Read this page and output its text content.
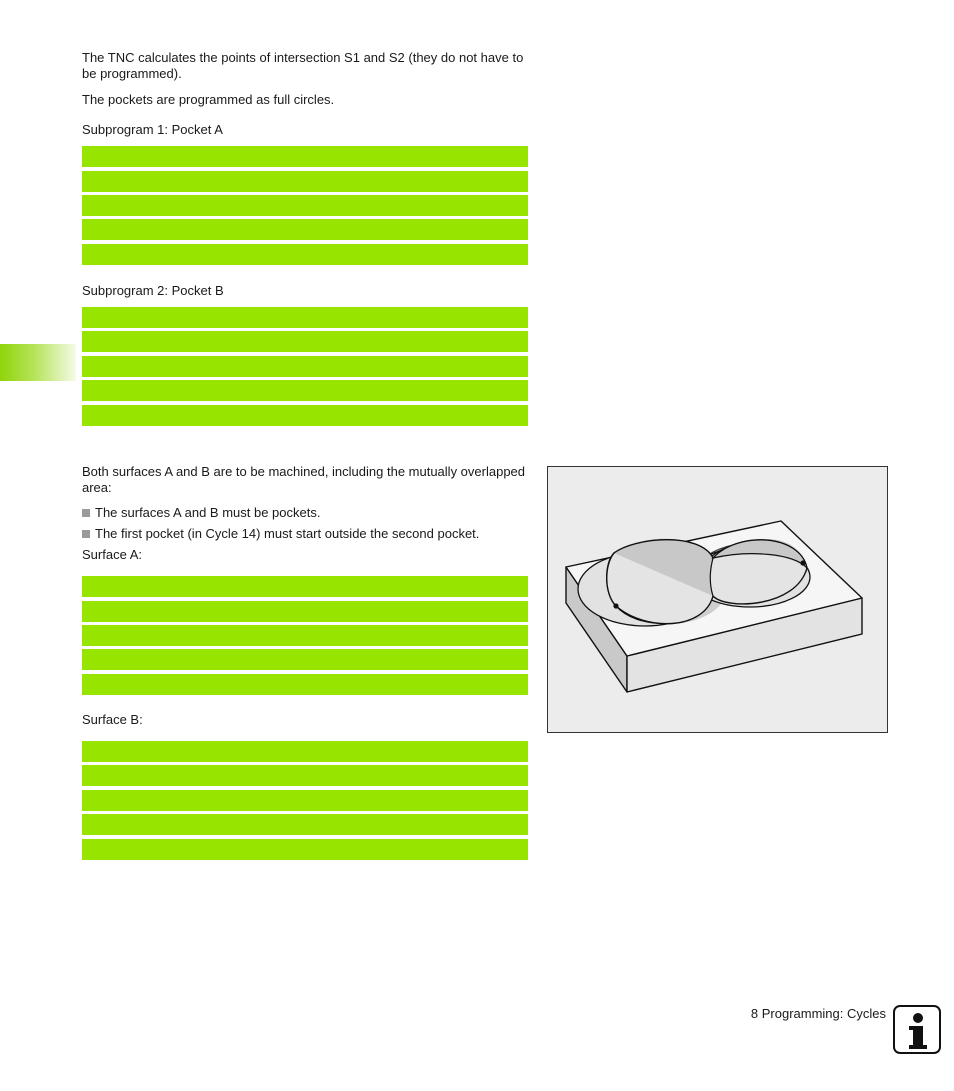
The TNC calculates the points of intersection S1 and S2 (they do not have to be programmed).
The pockets are programmed as full circles.
Subprogram 1: Pocket A
Subprogram 2: Pocket B
Both surfaces A and B are to be machined, including the mutually overlapped area:
The surfaces A and B must be pockets.
The first pocket (in Cycle 14) must start outside the second pocket.
Surface A:
Surface B:
8 Programming: Cycles
